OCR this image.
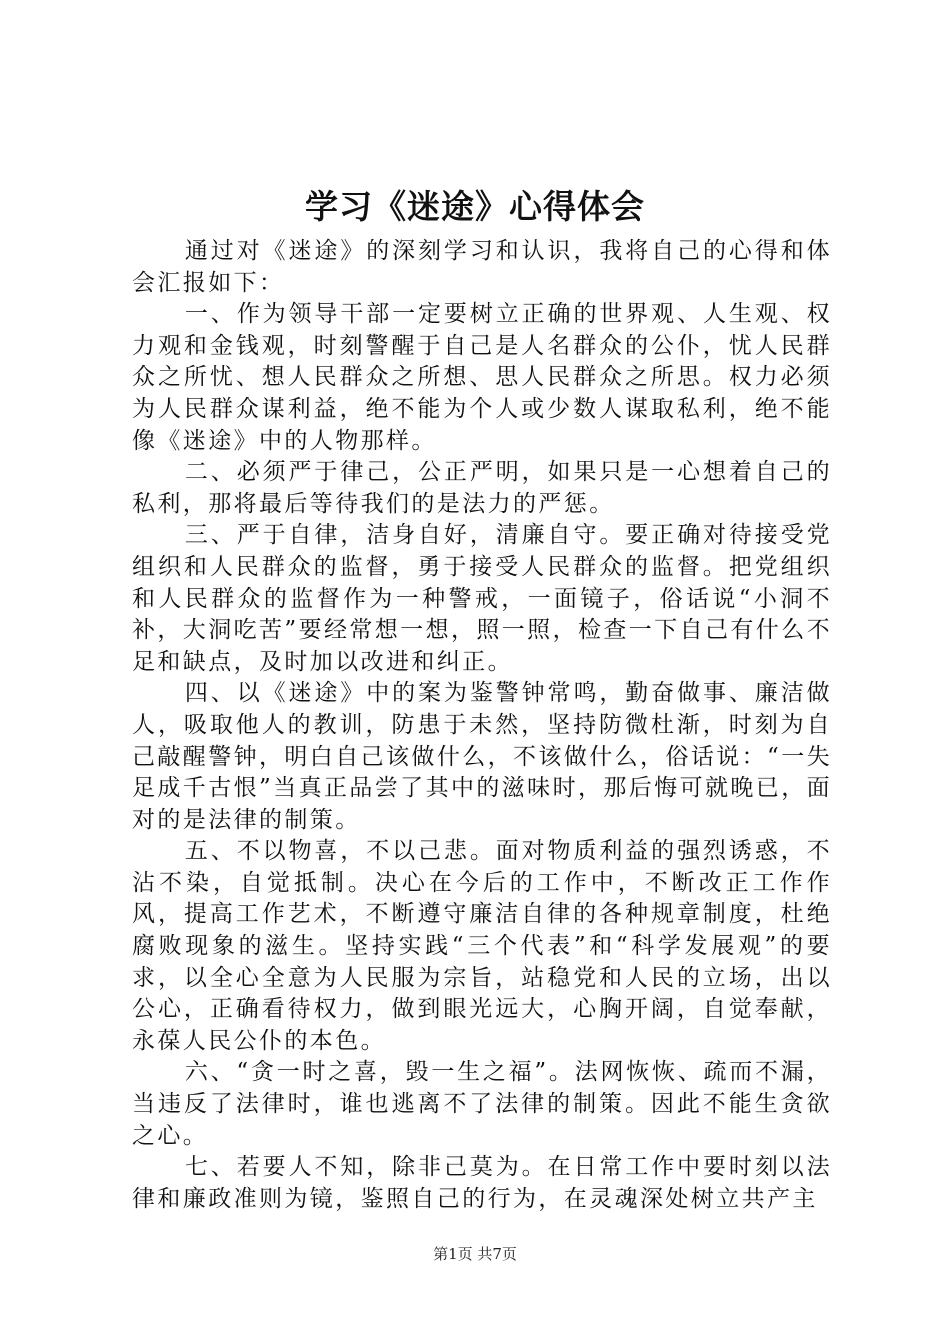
学习《迷途》心得体会

通过对《迷途》的深刻学习和认识，我将自己的心得和体会汇报如下：

一、作为领导干部一定要树立正确的世界观、人生观、权力观和金钱观，时刻警醒于自己是人名群众的公仆，忧人民群众之所忧、想人民群众之所想、思人民群众之所思。权力必须为人民群众谋利益，绝不能为个人或少数人谋取私利，绝不能像《迷途》中的人物那样。

二、必须严于律己，公正严明，如果只是一心想着自己的私利，那将最后等待我们的是法力的严惩。

三、严于自律，洁身自好，清廉自守。要正确对待接受党组织和人民群众的监督，勇于接受人民群众的监督。把党组织和人民群众的监督作为一种警戒，一面镜子，俗话说“小洞不补，大洞吃苦”要经常想一想，照一照，检查一下自己有什么不足和缺点，及时加以改进和纠正。

四、以《迷途》中的案为鉴警钟常鸣，勤奋做事、廉洁做人，吸取他人的教训，防患于未然，坚持防微杜渐，时刻为自己敲醒警钟，明白自己该做什么，不该做什么，俗话说：“一失足成千古恨”当真正品尝了其中的滋味时，那后悔可就晚已，面对的是法律的制策。

五、不以物喜，不以己悲。面对物质利益的强烈诱惑，不沾不染，自觉抵制。决心在今后的工作中，不断改正工作作风，提高工作艺术，不断遵守廉洁自律的各种规章制度，杜绝腐败现象的滋生。坚持实践“三个代表”和“科学发展观”的要求，以全心全意为人民服为宗旨，站稳党和人民的立场，出以公心，正确看待权力，做到眼光远大，心胸开阔，自觉奉献，永葆人民公仆的本色。

六、“贪一时之喜，毁一生之福”。法网恢恢、疏而不漏，当违反了法律时，谁也逃离不了法律的制策。因此不能生贪欲之心。

七、若要人不知，除非己莫为。在日常工作中要时刻以法律和廉政准则为镜，鉴照自己的行为，在灵魂深处树立共产主

第1页 共7页
